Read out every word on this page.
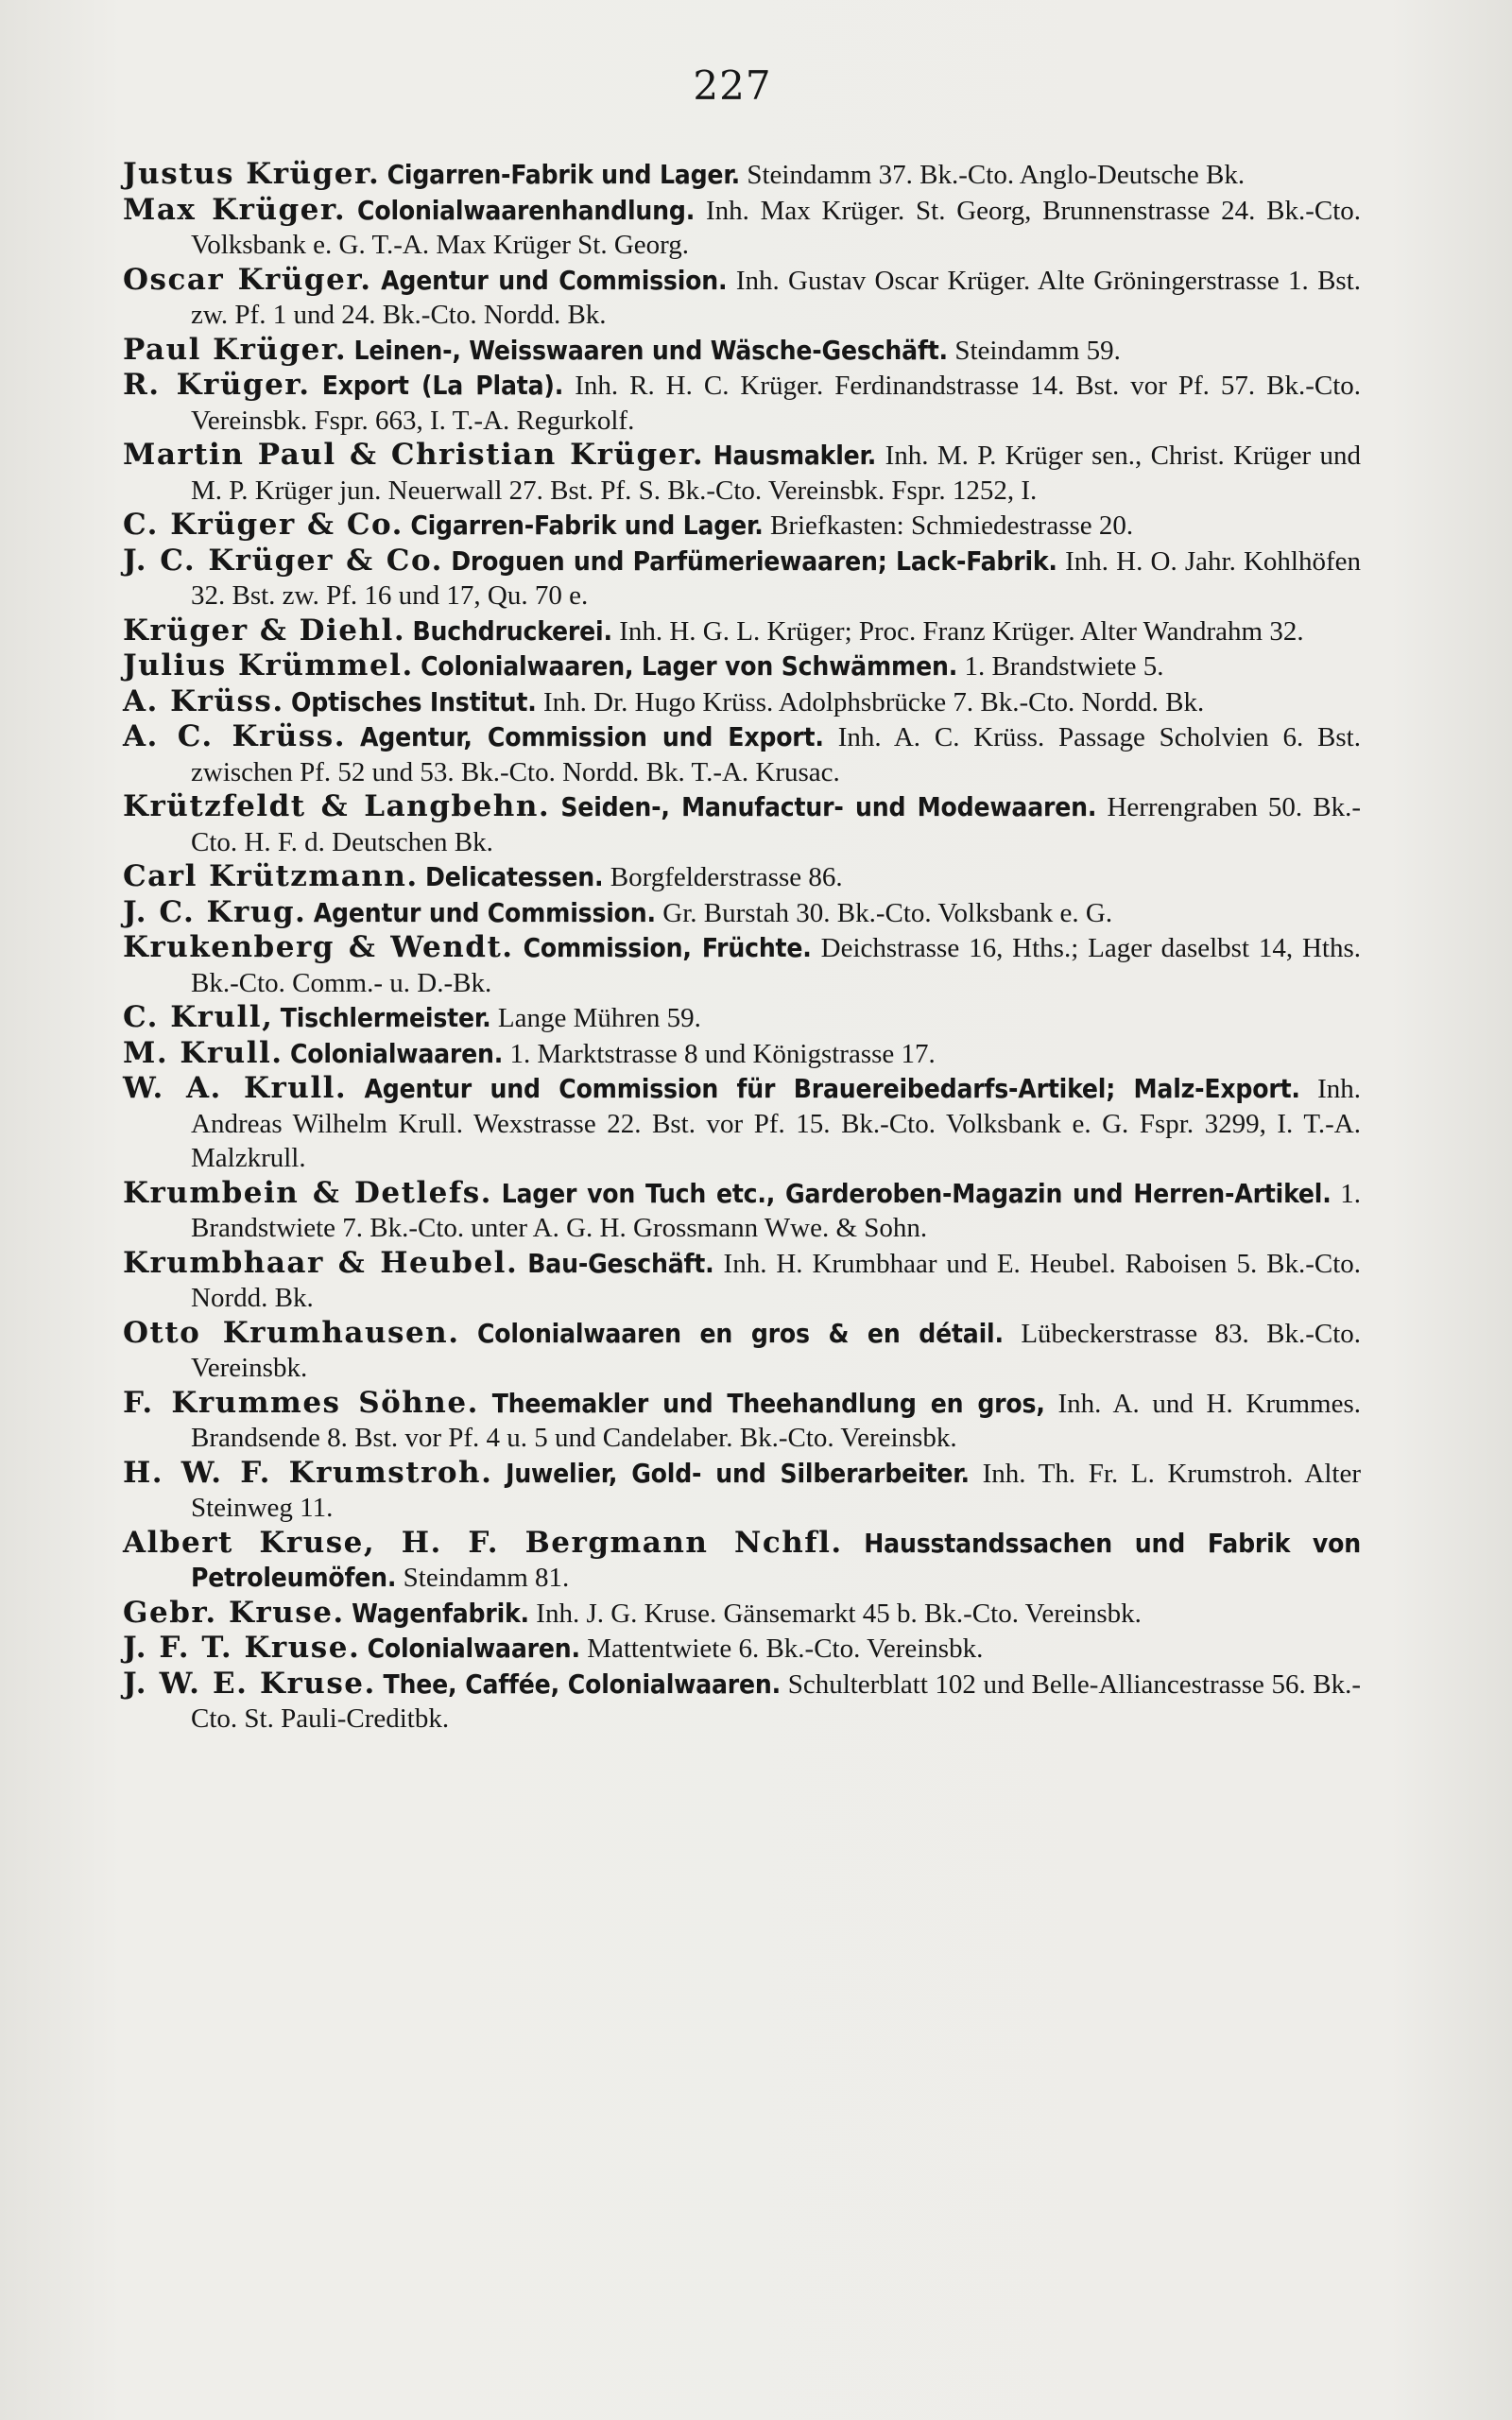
227
Justus Krüger. Cigarren-Fabrik und Lager. Steindamm 37. Bk.-Cto. Anglo-Deutsche Bk.
Max Krüger. Colonialwaarenhandlung. Inh. Max Krüger. St. Georg, Brunnenstrasse 24. Bk.-Cto. Volksbank e. G. T.-A. Max Krüger St. Georg.
Oscar Krüger. Agentur und Commission. Inh. Gustav Oscar Krüger. Alte Gröningerstrasse 1. Bst. zw. Pf. 1 und 24. Bk.-Cto. Nordd. Bk.
Paul Krüger. Leinen-, Weisswaaren und Wäsche-Geschäft. Steindamm 59.
R. Krüger. Export (La Plata). Inh. R. H. C. Krüger. Ferdinandstrasse 14. Bst. vor Pf. 57. Bk.-Cto. Vereinsbk. Fspr. 663, I. T.-A. Regurkolf.
Martin Paul & Christian Krüger. Hausmakler. Inh. M. P. Krüger sen., Christ. Krüger und M. P. Krüger jun. Neuerwall 27. Bst. Pf. S. Bk.-Cto. Vereinsbk. Fspr. 1252, I.
C. Krüger & Co. Cigarren-Fabrik und Lager. Briefkasten: Schmiedestrasse 20.
J. C. Krüger & Co. Droguen und Parfümeriewaaren; Lack-Fabrik. Inh. H. O. Jahr. Kohlhöfen 32. Bst. zw. Pf. 16 und 17, Qu. 70 e.
Krüger & Diehl. Buchdruckerei. Inh. H. G. L. Krüger; Proc. Franz Krüger. Alter Wandrahm 32.
Julius Krümmel. Colonialwaaren, Lager von Schwämmen. 1. Brandstwiete 5.
A. Krüss. Optisches Institut. Inh. Dr. Hugo Krüss. Adolphsbrücke 7. Bk.-Cto. Nordd. Bk.
A. C. Krüss. Agentur, Commission und Export. Inh. A. C. Krüss. Passage Scholvien 6. Bst. zwischen Pf. 52 und 53. Bk.-Cto. Nordd. Bk. T.-A. Krusac.
Krützfeldt & Langbehn. Seiden-, Manufactur- und Modewaaren. Herrengraben 50. Bk.-Cto. H. F. d. Deutschen Bk.
Carl Krützmann. Delicatessen. Borgfelderstrasse 86.
J. C. Krug. Agentur und Commission. Gr. Burstah 30. Bk.-Cto. Volksbank e. G.
Krukenberg & Wendt. Commission, Früchte. Deichstrasse 16, Hths.; Lager daselbst 14, Hths. Bk.-Cto. Comm.- u. D.-Bk.
C. Krull, Tischlermeister. Lange Mühren 59.
M. Krull. Colonialwaaren. 1. Marktstrasse 8 und Königstrasse 17.
W. A. Krull. Agentur und Commission für Brauereibedarfs-Artikel; Malz-Export. Inh. Andreas Wilhelm Krull. Wexstrasse 22. Bst. vor Pf. 15. Bk.-Cto. Volksbank e. G. Fspr. 3299, I. T.-A. Malzkrull.
Krumbein & Detlefs. Lager von Tuch etc., Garderoben-Magazin und Herren-Artikel. 1. Brandstwiete 7. Bk.-Cto. unter A. G. H. Grossmann Wwe. & Sohn.
Krumbhaar & Heubel. Bau-Geschäft. Inh. H. Krumbhaar und E. Heubel. Raboisen 5. Bk.-Cto. Nordd. Bk.
Otto Krumhausen. Colonialwaaren en gros & en détail. Lübeckerstrasse 83. Bk.-Cto. Vereinsbk.
F. Krummes Söhne. Theemakler und Theehandlung en gros, Inh. A. und H. Krummes. Brandsende 8. Bst. vor Pf. 4 u. 5 und Candelaber. Bk.-Cto. Vereinsbk.
H. W. F. Krumstroh. Juwelier, Gold- und Silberarbeiter. Inh. Th. Fr. L. Krumstroh. Alter Steinweg 11.
Albert Kruse, H. F. Bergmann Nchfl. Hausstandssachen und Fabrik von Petroleumöfen. Steindamm 81.
Gebr. Kruse. Wagenfabrik. Inh. J. G. Kruse. Gänsemarkt 45 b. Bk.-Cto. Vereinsbk.
J. F. T. Kruse. Colonialwaaren. Mattentwiete 6. Bk.-Cto. Vereinsbk.
J. W. E. Kruse. Thee, Caffée, Colonialwaaren. Schulterblatt 102 und Belle-Alliancestrasse 56. Bk.-Cto. St. Pauli-Creditbk.
